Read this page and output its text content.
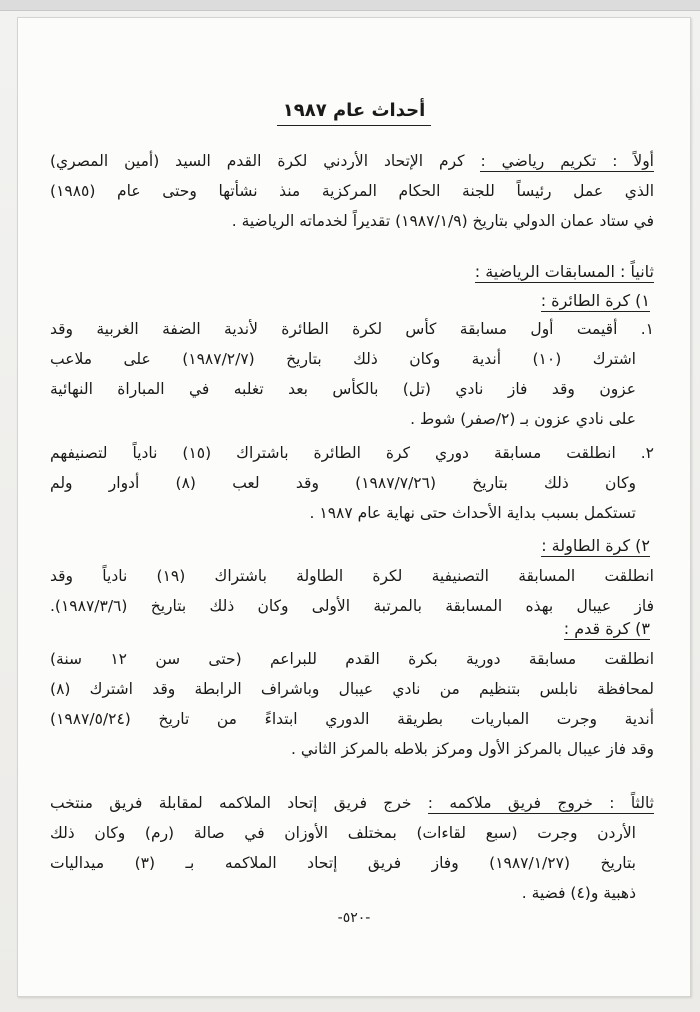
أحداث عام ١٩٨٧
أولاً : تكريم رياضي : كرم الإتحاد الأردني لكرة القدم السيد (أمين المصري)
الذي عمل رئيساً للجنة الحكام المركزية منذ نشأتها وحتى عام (١٩٨٥)
في ستاد عمان الدولي بتاريخ (١٩٨٧/١/٩) تقديراً لخدماته الرياضية .
ثانياً : المسابقات الرياضية :
١) كرة الطائرة :
١. أقيمت أول مسابقة كأس لكرة الطائرة لأندية الضفة الغربية وقد
اشترك (١٠) أندية وكان ذلك بتاريخ (١٩٨٧/٢/٧) على ملاعب
عزون وقد فاز نادي (تل) بالكأس بعد تغلبه في المباراة النهائية
على نادي عزون بـ (٢/صفر) شوط .
٢. انطلقت مسابقة دوري كرة الطائرة باشتراك (١٥) نادياً لتصنيفهم
وكان ذلك بتاريخ (١٩٨٧/٧/٢٦) وقد لعب (٨) أدوار ولم
تستكمل بسبب بداية الأحداث حتى نهاية عام ١٩٨٧ .
٢) كرة الطاولة :
انطلقت المسابقة التصنيفية لكرة الطاولة باشتراك (١٩) نادياً وقد
فاز عيبال بهذه المسابقة بالمرتبة الأولى وكان ذلك بتاريخ (١٩٨٧/٣/٦).
٣) كرة قدم :
انطلقت مسابقة دورية بكرة القدم للبراعم (حتى سن ١٢ سنة)
لمحافظة نابلس بتنظيم من نادي عيبال وباشراف الرابطة وقد اشترك (٨)
أندية وجرت المباريات بطريقة الدوري ابتداءً من تاريخ (١٩٨٧/٥/٢٤)
وقد فاز عيبال بالمركز الأول ومركز بلاطه بالمركز الثاني .
ثالثاً : خروج فريق ملاكمه : خرج فريق إتحاد الملاكمه لمقابلة فريق منتخب
الأردن وجرت (سبع لقاءات) بمختلف الأوزان في صالة (رم) وكان ذلك
بتاريخ (١٩٨٧/١/٢٧) وفاز فريق إتحاد الملاكمه بـ (٣) ميداليات
ذهبية و(٤) فضية .
-٥٢٠-
